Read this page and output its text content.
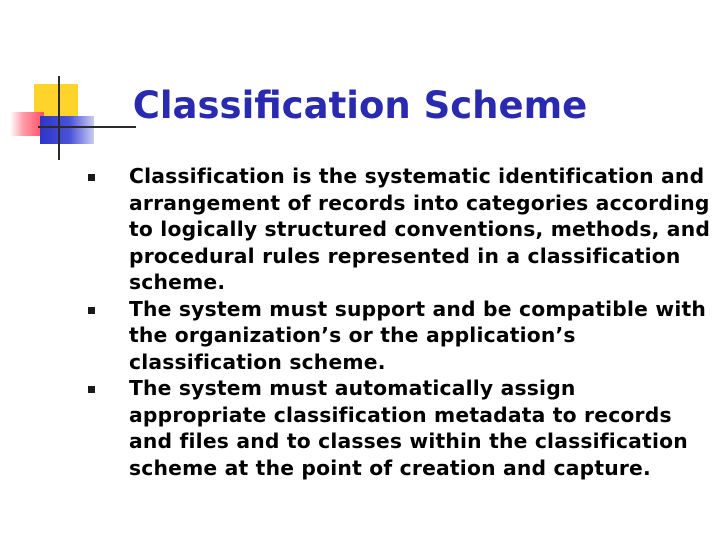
Classification Scheme
Classification is the systematic identification and arrangement of records into categories according to logically structured conventions, methods, and procedural rules represented in a classification scheme.
The system must support and be compatible with the organization’s or the application’s classification scheme.
The system must automatically assign appropriate classification metadata to records and files and to classes within the classification scheme at the point of creation and capture.
